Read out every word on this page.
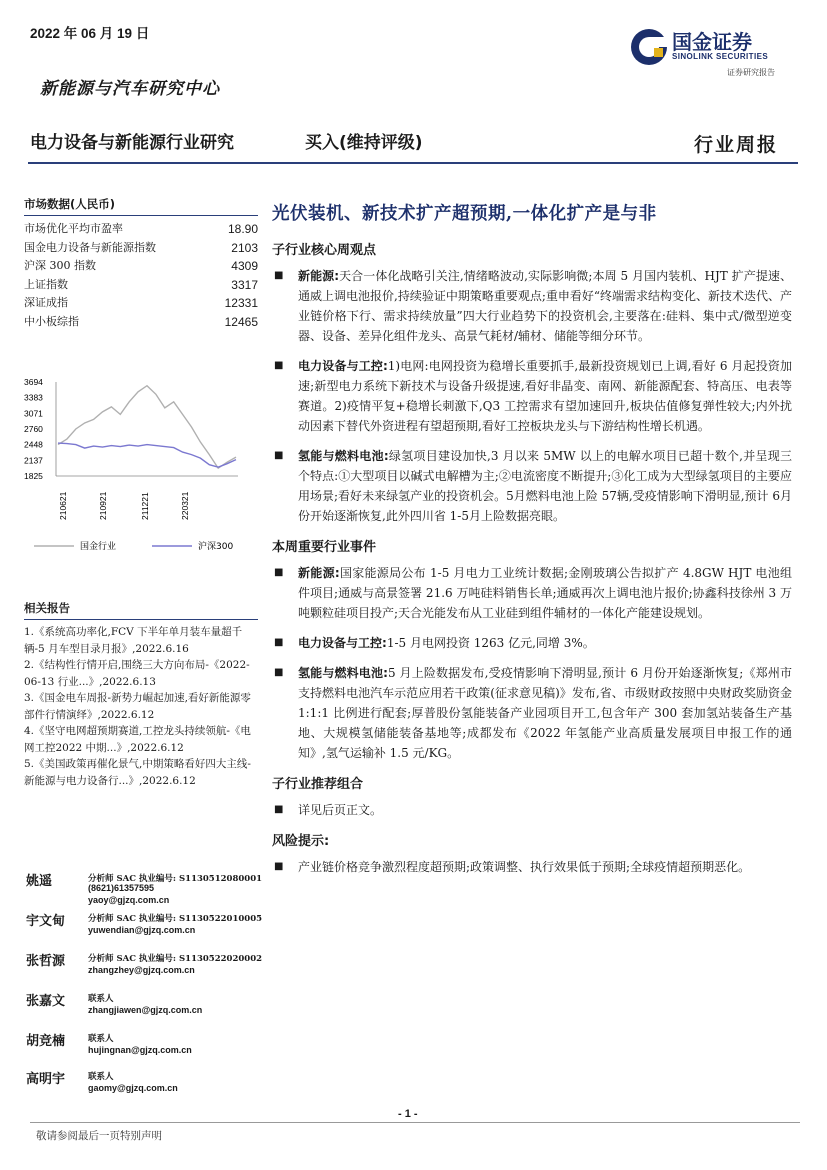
2022 年 06 月 19 日
新能源与汽车研究中心
国金证券
SINOLINK SECURITIES
证券研究报告
电力设备与新能源行业研究	买入(维持评级)	行业周报
市场数据(人民币)
市场优化平均市盈率	18.90
国金电力设备与新能源指数	2103
沪深 300 指数	4309
上证指数	3317
深证成指	12331
中小板综指	12465
3694
3383
3071
2760
2448
2137
1825
210621	210921	211221	220321
国金行业	沪深300
相关报告
1.《系统高功率化,FCV 下半年单月装车量超千辆-5 月车型目录月报》,2022.6.16
2.《结构性行情开启,围绕三大方向布局-《2022-06-13 行业...》,2022.6.13
3.《国金电车周报-新势力崛起加速,看好新能源零部件行情演绎》,2022.6.12
4.《坚守电网超预期赛道,工控龙头持续领航-《电网工控2022 中期...》,2022.6.12
5.《美国政策再催化景气,中期策略看好四大主线-新能源与电力设备行...》,2022.6.12
姚遥	分析师 SAC 执业编号: S1130512080001
(8621)61357595
yaoy@gjzq.com.cn
宇文甸	分析师 SAC 执业编号: S1130522010005
yuwendian@gjzq.com.cn
张哲源	分析师 SAC 执业编号: S1130522020002
zhangzhey@gjzq.com.cn
张嘉文	联系人
zhangjiawen@gjzq.com.cn
胡竞楠	联系人
hujingnan@gjzq.com.cn
高明宇	联系人
gaomy@gjzq.com.cn
光伏装机、新技术扩产超预期,一体化扩产是与非
子行业核心周观点
■ 新能源:天合一体化战略引关注,情绪略波动,实际影响微;本周 5 月国内装机、HJT 扩产提速、通威上调电池报价,持续验证中期策略重要观点;重申看好“终端需求结构变化、新技术迭代、产业链价格下行、需求持续放量”四大行业趋势下的投资机会,主要落在:硅料、集中式/微型逆变器、设备、差异化组件龙头、高景气耗材/辅材、储能等细分环节。
■ 电力设备与工控:1)电网:电网投资为稳增长重要抓手,最新投资规划已上调,看好 6 月起投资加速;新型电力系统下新技术与设备升级提速,看好非晶变、南网、新能源配套、特高压、电表等赛道。2)疫情平复+稳增长刺激下,Q3 工控需求有望加速回升,板块估值修复弹性较大;内外扰动因素下替代外资进程有望超预期,看好工控板块龙头与下游结构性增长机遇。
■ 氢能与燃料电池:绿氢项目建设加快,3 月以来 5MW 以上的电解水项目已超十数个,并呈现三个特点:①大型项目以碱式电解槽为主;②电流密度不断提升;③化工成为大型绿氢项目的主要应用场景;看好未来绿氢产业的投资机会。5月燃料电池上险 57辆,受疫情影响下滑明显,预计 6月份开始逐渐恢复,此外四川省 1-5月上险数据亮眼。
本周重要行业事件
■ 新能源:国家能源局公布 1-5 月电力工业统计数据;金刚玻璃公告拟扩产 4.8GW HJT 电池组件项目;通威与高景签署 21.6 万吨硅料销售长单;通威再次上调电池片报价;协鑫科技徐州 3 万吨颗粒硅项目投产;天合光能发布从工业硅到组件辅材的一体化产能建设规划。
■ 电力设备与工控:1-5 月电网投资 1263 亿元,同增 3%。
■ 氢能与燃料电池:5 月上险数据发布,受疫情影响下滑明显,预计 6 月份开始逐渐恢复;《郑州市支持燃料电池汽车示范应用若干政策(征求意见稿)》发布,省、市级财政按照中央财政奖励资金 1:1:1 比例进行配套;厚普股份氢能装备产业园项目开工,包含年产 300 套加氢站装备生产基地、大规模氢储能装备基地等;成都发布《2022 年氢能产业高质量发展项目申报工作的通知》,氢气运输补 1.5 元/KG。
子行业推荐组合
■ 详见后页正文。
风险提示:
■ 产业链价格竞争激烈程度超预期;政策调整、执行效果低于预期;全球疫情超预期恶化。
- 1 -
敬请参阅最后一页特别声明
